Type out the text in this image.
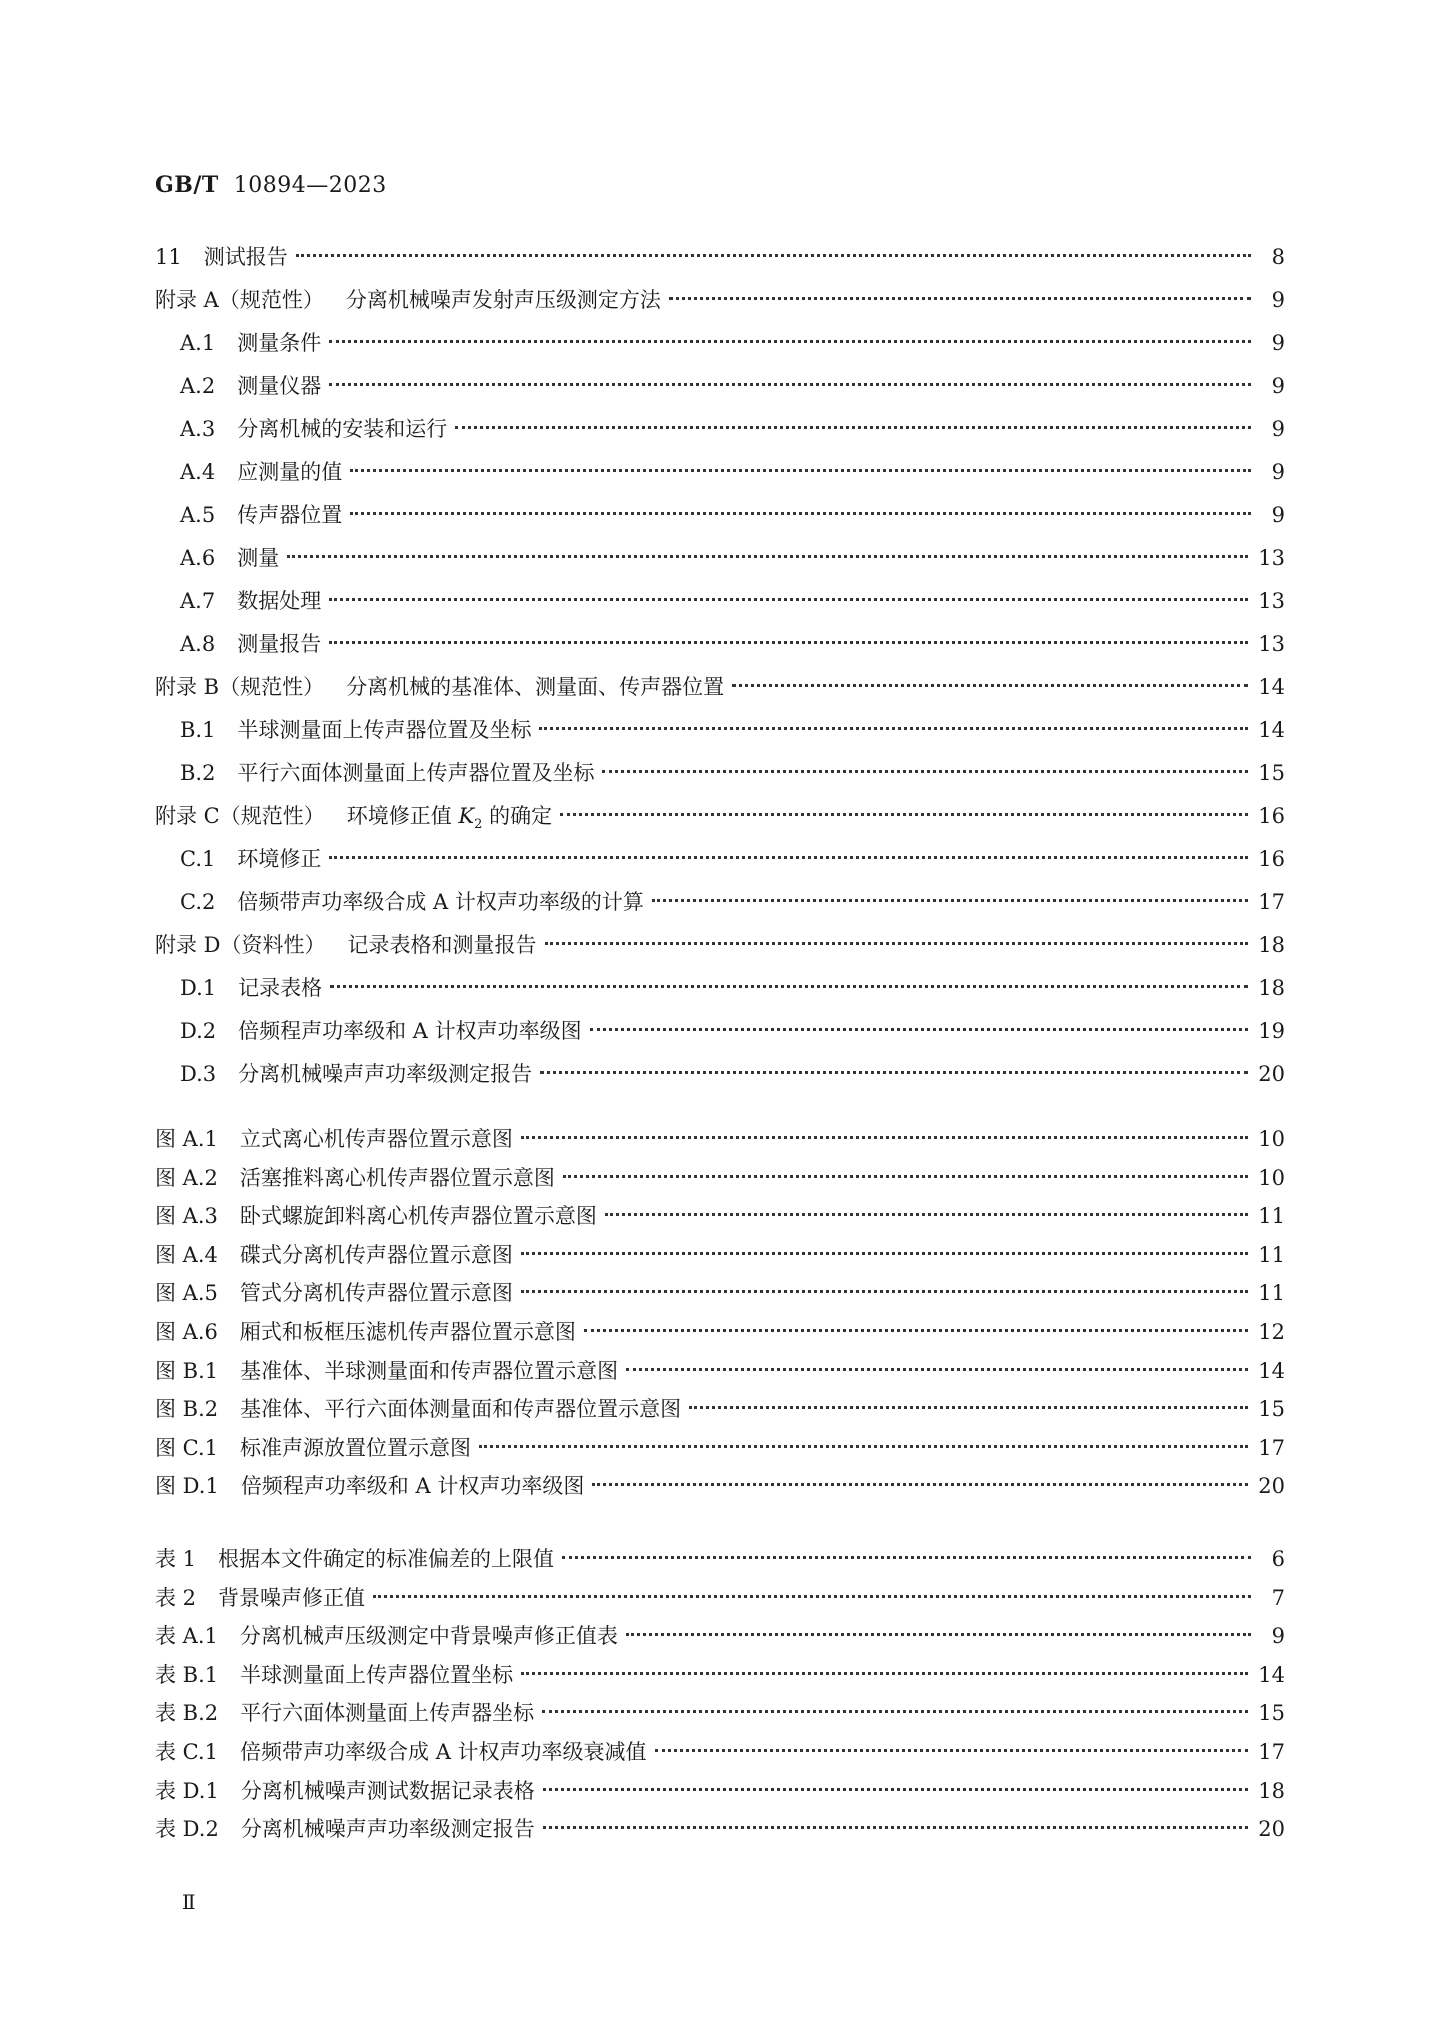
GB/T 10894—2023
11 测试报告	8
附录 A（规范性） 分离机械噪声发射声压级测定方法	9
A.1 测量条件	9
A.2 测量仪器	9
A.3 分离机械的安装和运行	9
A.4 应测量的值	9
A.5 传声器位置	9
A.6 测量	13
A.7 数据处理	13
A.8 测量报告	13
附录 B（规范性） 分离机械的基准体、测量面、传声器位置	14
B.1 半球测量面上传声器位置及坐标	14
B.2 平行六面体测量面上传声器位置及坐标	15
附录 C（规范性） 环境修正值 $K_2$ 的确定	16
C.1 环境修正	16
C.2 倍频带声功率级合成 A 计权声功率级的计算	17
附录 D（资料性） 记录表格和测量报告	18
D.1 记录表格	18
D.2 倍频程声功率级和 A 计权声功率级图	19
D.3 分离机械噪声声功率级测定报告	20
图 A.1 立式离心机传声器位置示意图	10
图 A.2 活塞推料离心机传声器位置示意图	10
图 A.3 卧式螺旋卸料离心机传声器位置示意图	11
图 A.4 碟式分离机传声器位置示意图	11
图 A.5 管式分离机传声器位置示意图	11
图 A.6 厢式和板框压滤机传声器位置示意图	12
图 B.1 基准体、半球测量面和传声器位置示意图	14
图 B.2 基准体、平行六面体测量面和传声器位置示意图	15
图 C.1 标准声源放置位置示意图	17
图 D.1 倍频程声功率级和 A 计权声功率级图	20
表 1 根据本文件确定的标准偏差的上限值	6
表 2 背景噪声修正值	7
表 A.1 分离机械声压级测定中背景噪声修正值表	9
表 B.1 半球测量面上传声器位置坐标	14
表 B.2 平行六面体测量面上传声器坐标	15
表 C.1 倍频带声功率级合成 A 计权声功率级衰减值	17
表 D.1 分离机械噪声测试数据记录表格	18
表 D.2 分离机械噪声声功率级测定报告	20
Ⅱ
